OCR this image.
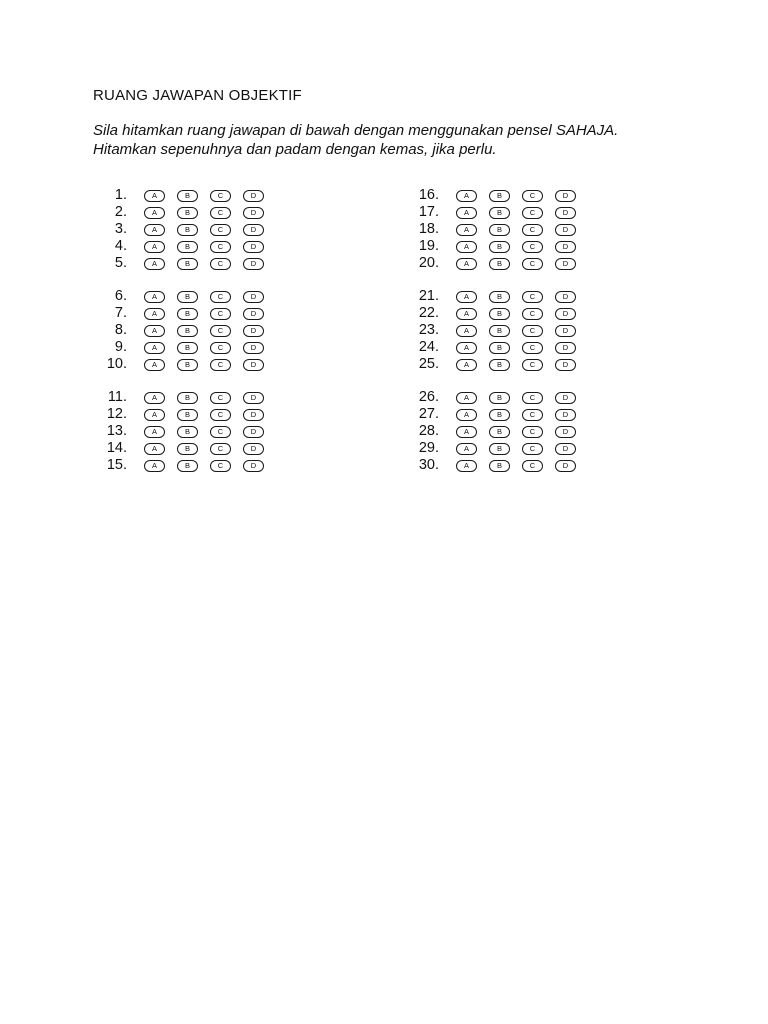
RUANG JAWAPAN OBJEKTIF
Sila hitamkan ruang jawapan di bawah dengan menggunakan pensel SAHAJA.
Hitamkan sepenuhnya dan padam dengan kemas, jika perlu.
1.	A	B	C	D
2.	A	B	C	D
3.	A	B	C	D
4.	A	B	C	D
5.	A	B	C	D
6.	A	B	C	D
7.	A	B	C	D
8.	A	B	C	D
9.	A	B	C	D
10.	A	B	C	D
11.	A	B	C	D
12.	A	B	C	D
13.	A	B	C	D
14.	A	B	C	D
15.	A	B	C	D
16.	A	B	C	D
17.	A	B	C	D
18.	A	B	C	D
19.	A	B	C	D
20.	A	B	C	D
21.	A	B	C	D
22.	A	B	C	D
23.	A	B	C	D
24.	A	B	C	D
25.	A	B	C	D
26.	A	B	C	D
27.	A	B	C	D
28.	A	B	C	D
29.	A	B	C	D
30.	A	B	C	D
